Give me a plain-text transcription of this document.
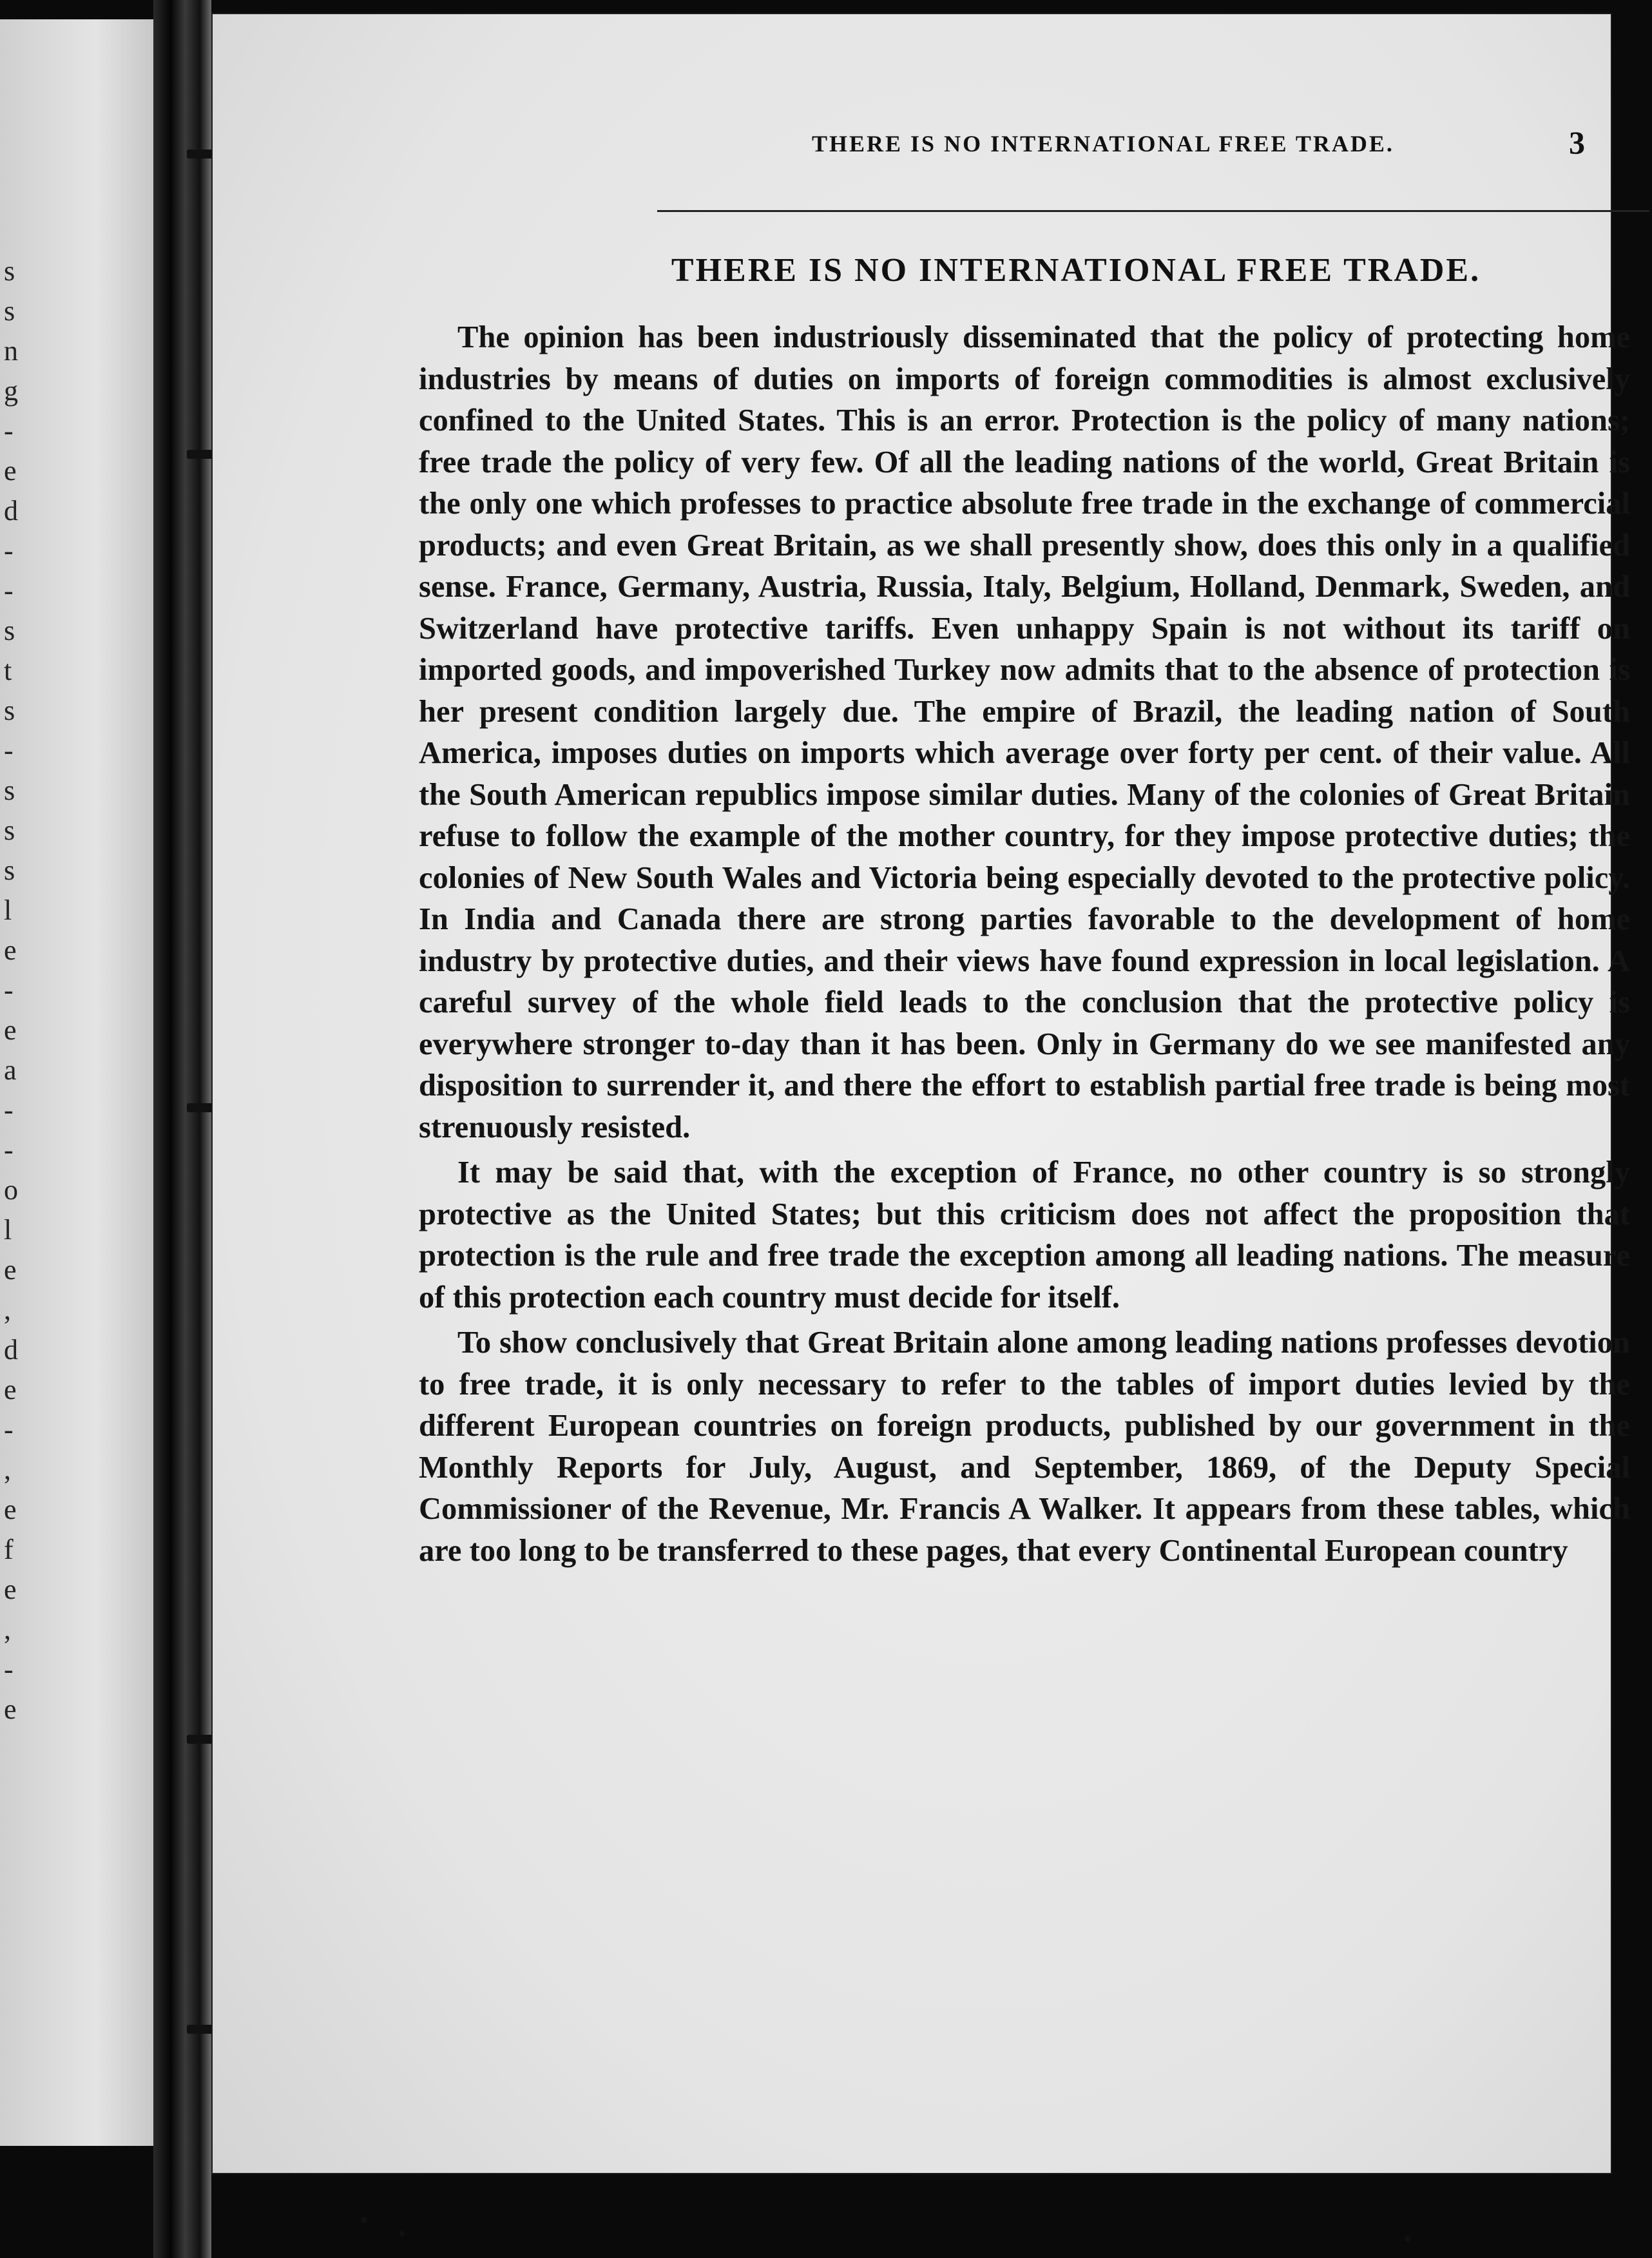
s
s
n
g
-
e
d
-
-
s
t
s
-
s
s
s
l
e
-
e
a
-
-
o
l
e
,
d
e
-
,
e
f
e
,
-
e
THERE IS NO INTERNATIONAL FREE TRADE.	3
THERE IS NO INTERNATIONAL FREE TRADE.

The opinion has been industriously disseminated that the policy of protecting home industries by means of duties on imports of foreign commodities is almost exclusively confined to the United States. This is an error. Protection is the policy of many nations; free trade the policy of very few. Of all the leading nations of the world, Great Britain is the only one which professes to practice absolute free trade in the exchange of commercial products; and even Great Britain, as we shall presently show, does this only in a qualified sense. France, Germany, Austria, Russia, Italy, Belgium, Holland, Denmark, Sweden, and Switzerland have protective tariffs. Even unhappy Spain is not without its tariff on imported goods, and impoverished Turkey now admits that to the absence of protection is her present condition largely due. The empire of Brazil, the leading nation of South America, imposes duties on imports which average over forty per cent. of their value. All the South American republics impose similar duties. Many of the colonies of Great Britain refuse to follow the example of the mother country, for they impose protective duties; the colonies of New South Wales and Victoria being especially devoted to the protective policy. In India and Canada there are strong parties favorable to the development of home industry by protective duties, and their views have found expression in local legislation. A careful survey of the whole field leads to the conclusion that the protective policy is everywhere stronger to-day than it has been. Only in Germany do we see manifested any disposition to surrender it, and there the effort to establish partial free trade is being most strenuously resisted.

It may be said that, with the exception of France, no other country is so strongly protective as the United States; but this criticism does not affect the proposition that protection is the rule and free trade the exception among all leading nations. The measure of this protection each country must decide for itself.

To show conclusively that Great Britain alone among leading nations professes devotion to free trade, it is only necessary to refer to the tables of import duties levied by the different European countries on foreign products, published by our government in the Monthly Reports for July, August, and September, 1869, of the Deputy Special Commissioner of the Revenue, Mr. Francis A Walker. It appears from these tables, which are too long to be transferred to these pages, that every Continental European country
